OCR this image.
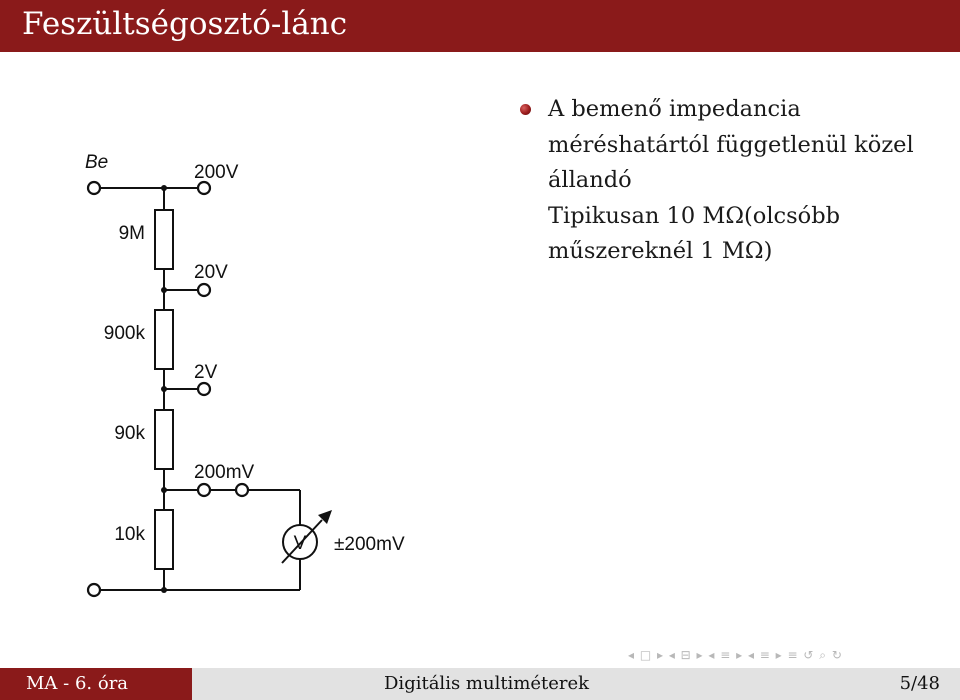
Feszültségosztó-lánc
Be	200V
20V
2V
200mV
9M
900k
90k
10k	V ±200mV
A bemenő impedancia
méréshatártól függetlenül közel
állandó
Tipikusan 10 MΩ(olcsóbb
műszereknél 1 MΩ)
◂ □ ▸ ◂ ⊟ ▸ ◂ ≡ ▸ ◂ ≡ ▸ ≡ ↺ ⌕ ↻
MA - 6. óra	Digitális multiméterek	5/48
